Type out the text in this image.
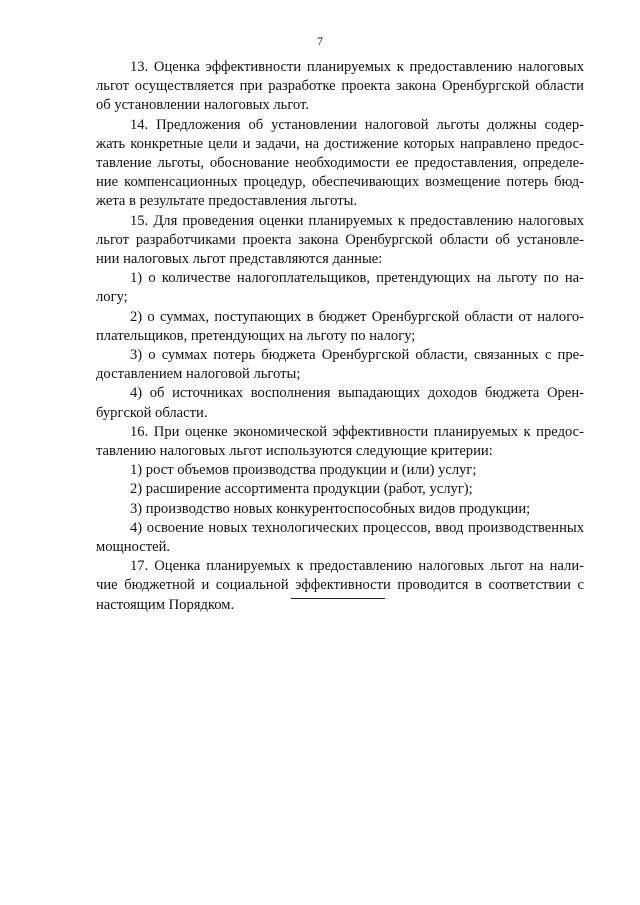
7
13. Оценка эффективности планируемых к предоставлению налоговых
льгот осуществляется при разработке проекта закона Оренбургской области
об установлении налоговых льгот.
14. Предложения об установлении налоговой льготы должны содер-
жать конкретные цели и задачи, на достижение которых направлено предос-
тавление льготы, обоснование необходимости ее предоставления, определе-
ние компенсационных процедур, обеспечивающих возмещение потерь бюд-
жета в результате предоставления льготы.
15. Для проведения оценки планируемых к предоставлению налоговых
льгот разработчиками проекта закона Оренбургской области об установле-
нии налоговых льгот представляются данные:
1) о количестве налогоплательщиков, претендующих на льготу по на-
логу;
2) о суммах, поступающих в бюджет Оренбургской области от налого-
плательщиков, претендующих на льготу по налогу;
3) о суммах потерь бюджета Оренбургской области, связанных с пре-
доставлением налоговой льготы;
4) об источниках восполнения выпадающих доходов бюджета Орен-
бургской области.
16. При оценке экономической эффективности планируемых к предос-
тавлению налоговых льгот используются следующие критерии:
1) рост объемов производства продукции и (или) услуг;
2) расширение ассортимента продукции (работ, услуг);
3) производство новых конкурентоспособных видов продукции;
4) освоение новых технологических процессов, ввод производственных
мощностей.
17. Оценка планируемых к предоставлению налоговых льгот на нали-
чие бюджетной и социальной эффективности проводится в соответствии с
настоящим Порядком.
